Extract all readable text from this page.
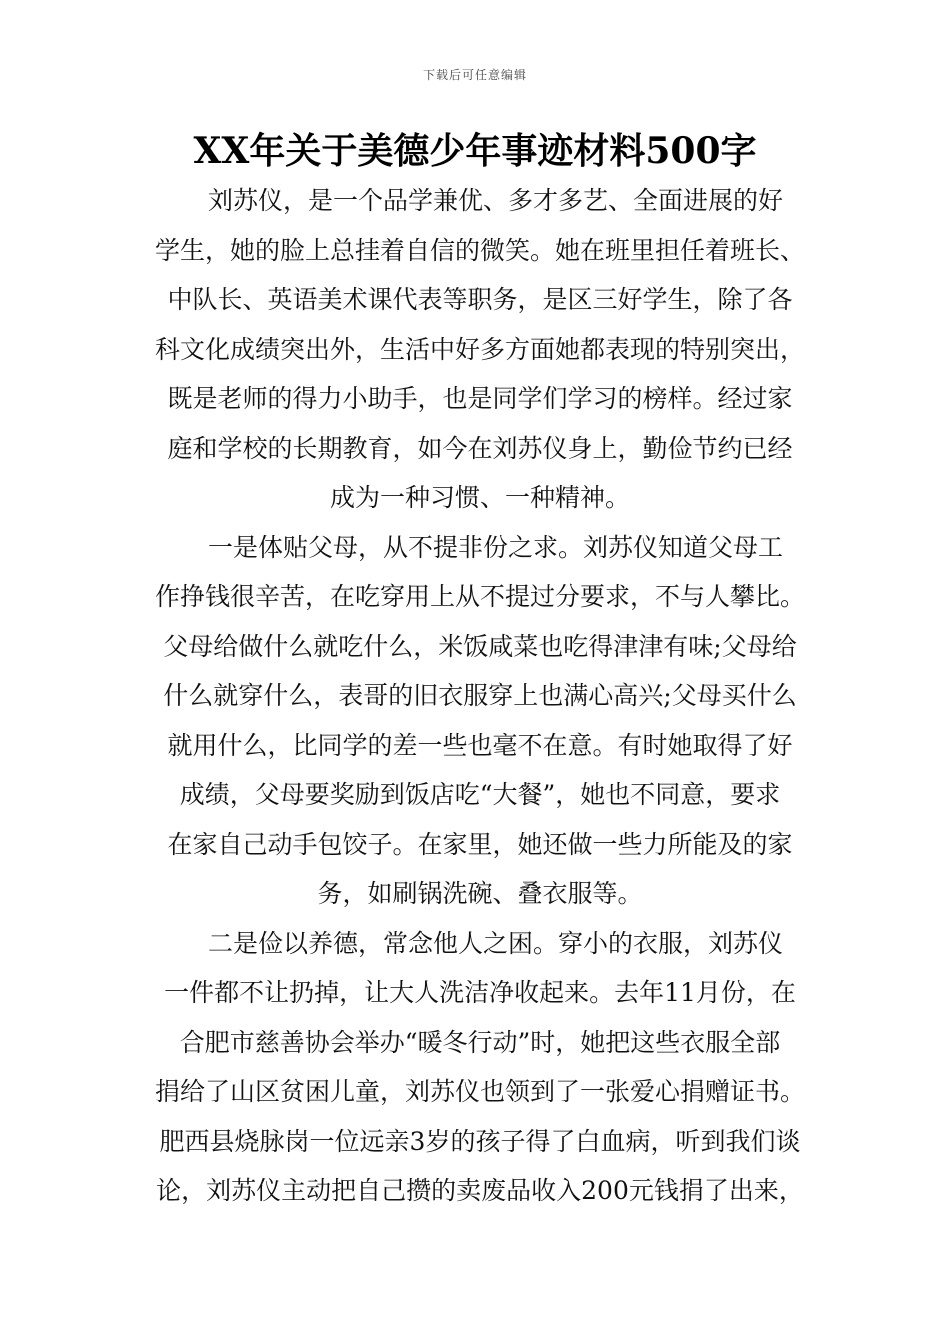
下载后可任意编辑
XX年关于美德少年事迹材料500字
刘苏仪，是一个品学兼优、多才多艺、全面进展的好
学生，她的脸上总挂着自信的微笑。她在班里担任着班长、
中队长、英语美术课代表等职务，是区三好学生，除了各
科文化成绩突出外，生活中好多方面她都表现的特别突出，
既是老师的得力小助手，也是同学们学习的榜样。经过家
庭和学校的长期教育，如今在刘苏仪身上，勤俭节约已经
成为一种习惯、一种精神。
一是体贴父母，从不提非份之求。刘苏仪知道父母工
作挣钱很辛苦，在吃穿用上从不提过分要求，不与人攀比。
父母给做什么就吃什么，米饭咸菜也吃得津津有味;父母给
什么就穿什么，表哥的旧衣服穿上也满心高兴;父母买什么
就用什么，比同学的差一些也毫不在意。有时她取得了好
成绩，父母要奖励到饭店吃“大餐”，她也不同意，要求
在家自己动手包饺子。在家里，她还做一些力所能及的家
务，如刷锅洗碗、叠衣服等。
二是俭以养德，常念他人之困。穿小的衣服，刘苏仪
一件都不让扔掉，让大人洗洁净收起来。去年11月份，在
合肥市慈善协会举办“暖冬行动”时，她把这些衣服全部
捐给了山区贫困儿童，刘苏仪也领到了一张爱心捐赠证书。
肥西县烧脉岗一位远亲3岁的孩子得了白血病，听到我们谈
论，刘苏仪主动把自己攒的卖废品收入200元钱捐了出来，
